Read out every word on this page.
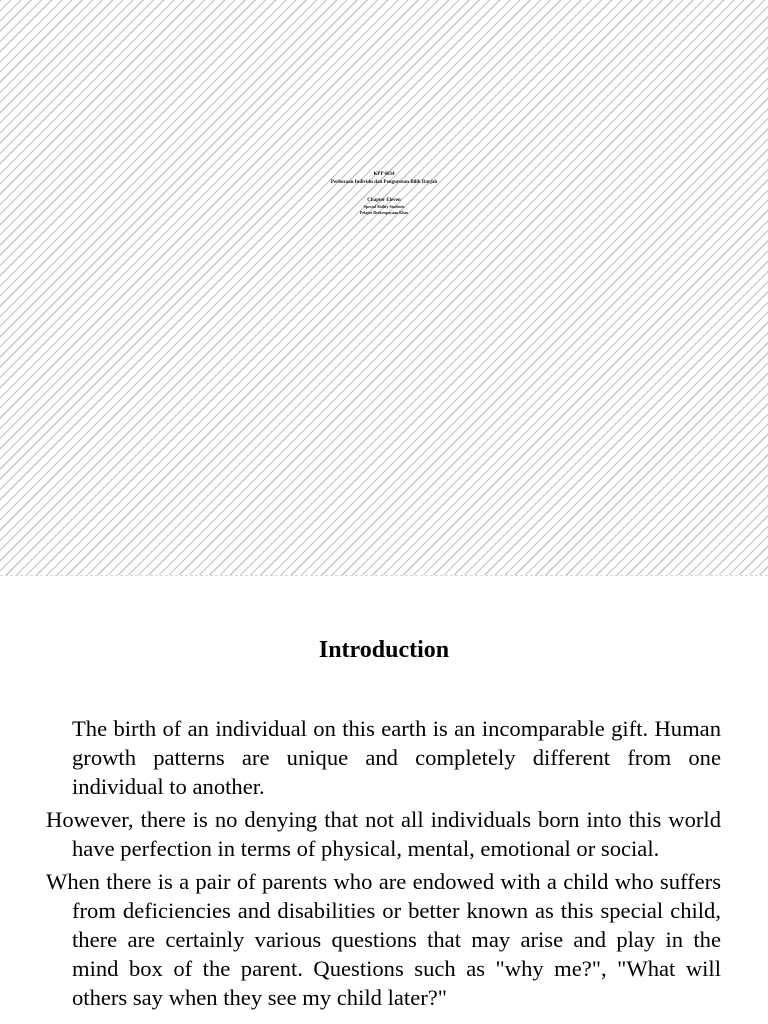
KPP 6034
Perbezaan Individu dan Pengurusan Bilik Darjah
Chapter Eleven
Special Ability Students
Pelajar Berkeupayaan Khas
Introduction

The birth of an individual on this earth is an incomparable gift. Human growth patterns are unique and completely different from one individual to another.

However, there is no denying that not all individuals born into this world have perfection in terms of physical, mental, emotional or social.

When there is a pair of parents who are endowed with a child who suffers from deficiencies and disabilities or better known as this special child, there are certainly various questions that may arise and play in the mind box of the parent. Questions such as "why me?", "What will others say when they see my child later?"
